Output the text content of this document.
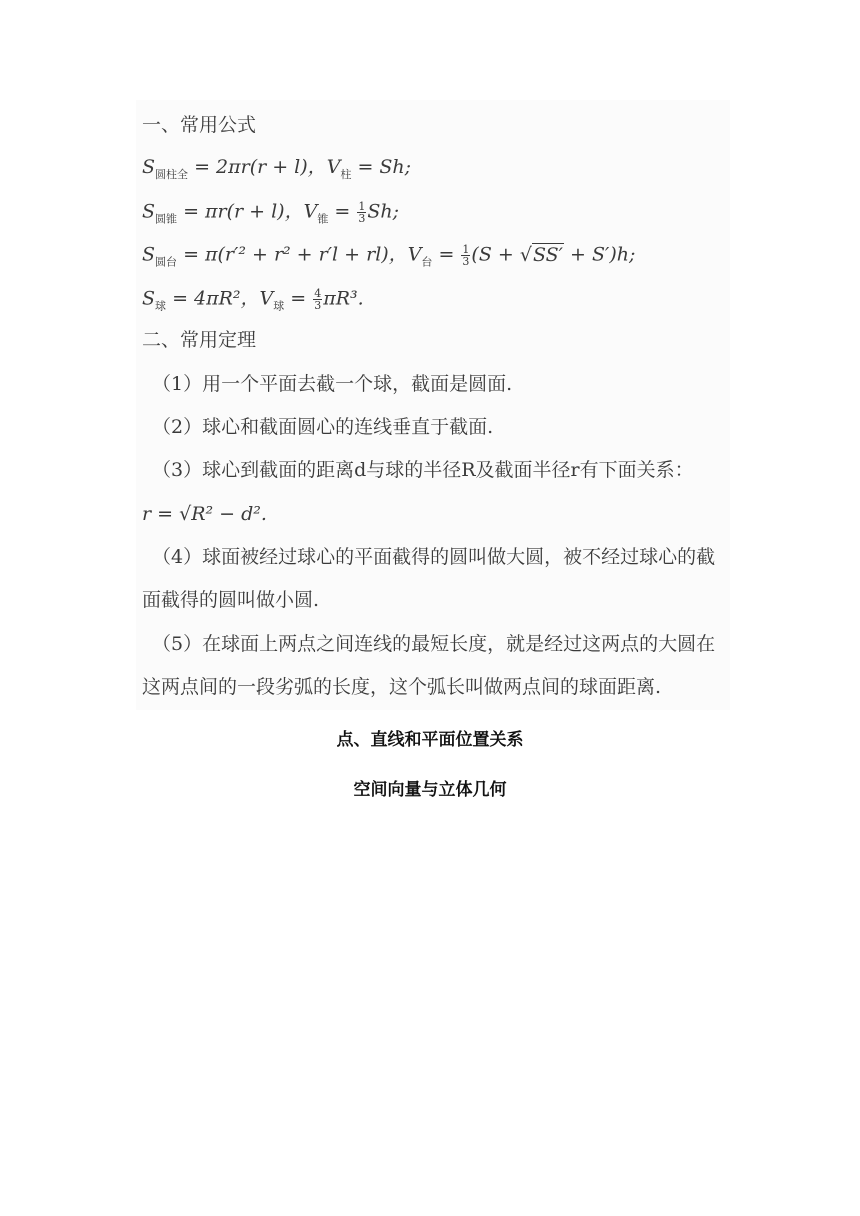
一、常用公式
$S_{圆柱全} = 2\pi r(r + l)$，$V_柱 = Sh$;
$S_{圆锥} = \pi r(r + l)$，$V_锥 = \frac{1}{3} Sh$;
$S_{圆台} = \pi(r'^2 + r^2 + r'l + rl)$，$V_台 = \frac{1}{3} (S + √SS' + S')h$;
$S_球 = 4\pi R^2$，$V_球 = \frac{4}{3} \pi R^3$.
二、常用定理
（1）用一个平面去截一个球，截面是圆面.
（2）球心和截面圆心的连线垂直于截面.
（3）球心到截面的距离d与球的半径R及截面半径r有下面关系：
r = √R² − d².
（4）球面被经过球心的平面截得的圆叫做大圆，被不经过球心的截
面截得的圆叫做小圆.
（5）在球面上两点之间连线的最短长度，就是经过这两点的大圆在
这两点间的一段劣弧的长度，这个弧长叫做两点间的球面距离.
点、直线和平面位置关系
空间向量与立体几何
